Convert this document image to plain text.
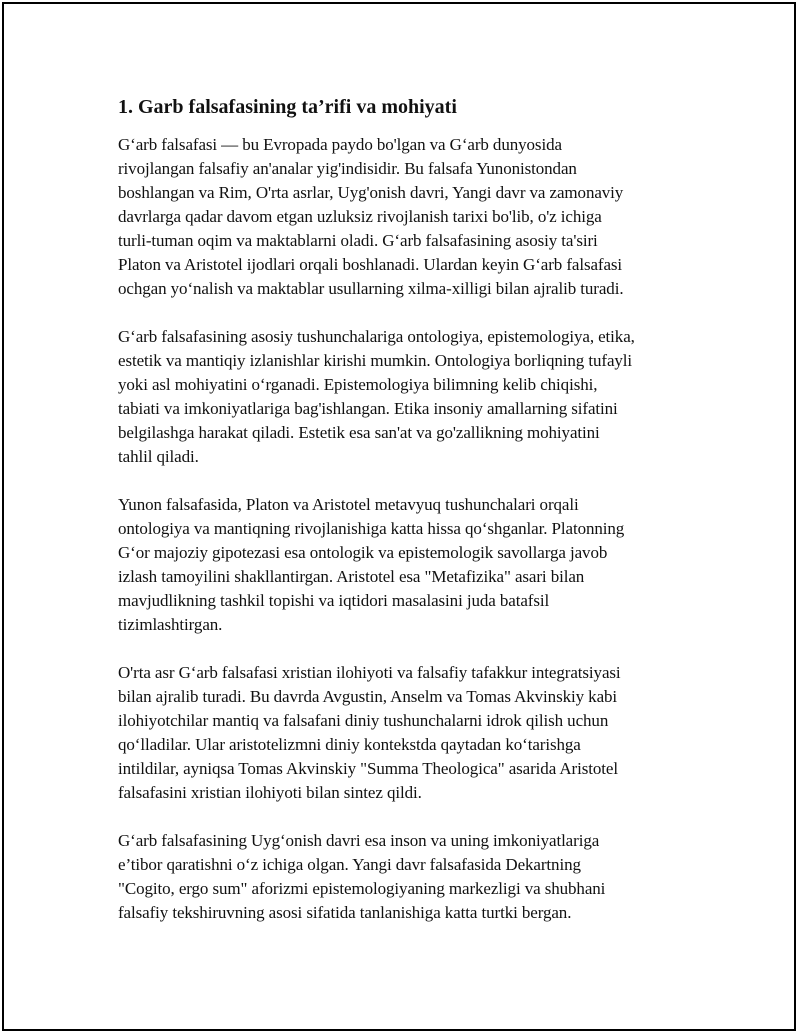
1. Garb falsafasining ta’rifi va mohiyati

G‘arb falsafasi — bu Evropada paydo bo'lgan va G‘arb dunyosida
rivojlangan falsafiy an'analar yig'indisidir. Bu falsafa Yunonistondan
boshlangan va Rim, O'rta asrlar, Uyg'onish davri, Yangi davr va zamonaviy
davrlarga qadar davom etgan uzluksiz rivojlanish tarixi bo'lib, o'z ichiga
turli-tuman oqim va maktablarni oladi. G‘arb falsafasining asosiy ta'siri
Platon va Aristotel ijodlari orqali boshlanadi. Ulardan keyin G‘arb falsafasi
ochgan yo‘nalish va maktablar usullarning xilma-xilligi bilan ajralib turadi.

G‘arb falsafasining asosiy tushunchalariga ontologiya, epistemologiya, etika,
estetik va mantiqiy izlanishlar kirishi mumkin. Ontologiya borliqning tufayli
yoki asl mohiyatini o‘rganadi. Epistemologiya bilimning kelib chiqishi,
tabiati va imkoniyatlariga bag'ishlangan. Etika insoniy amallarning sifatini
belgilashga harakat qiladi. Estetik esa san'at va go'zallikning mohiyatini
tahlil qiladi.

Yunon falsafasida, Platon va Aristotel metavyuq tushunchalari orqali
ontologiya va mantiqning rivojlanishiga katta hissa qo‘shganlar. Platonning
G‘or majoziy gipotezasi esa ontologik va epistemologik savollarga javob
izlash tamoyilini shakllantirgan. Aristotel esa "Metafizika" asari bilan
mavjudlikning tashkil topishi va iqtidori masalasini juda batafsil
tizimlashtirgan.

O'rta asr G‘arb falsafasi xristian ilohiyoti va falsafiy tafakkur integratsiyasi
bilan ajralib turadi. Bu davrda Avgustin, Anselm va Tomas Akvinskiy kabi
ilohiyotchilar mantiq va falsafani diniy tushunchalarni idrok qilish uchun
qo‘lladilar. Ular aristotelizmni diniy kontekstda qaytadan ko‘tarishga
intildilar, ayniqsa Tomas Akvinskiy "Summa Theologica" asarida Aristotel
falsafasini xristian ilohiyoti bilan sintez qildi.

G‘arb falsafasining Uyg‘onish davri esa inson va uning imkoniyatlariga
e’tibor qaratishni o‘z ichiga olgan. Yangi davr falsafasida Dekartning
"Cogito, ergo sum" aforizmi epistemologiyaning markezligi va shubhani
falsafiy tekshiruvning asosi sifatida tanlanishiga katta turtki bergan.
